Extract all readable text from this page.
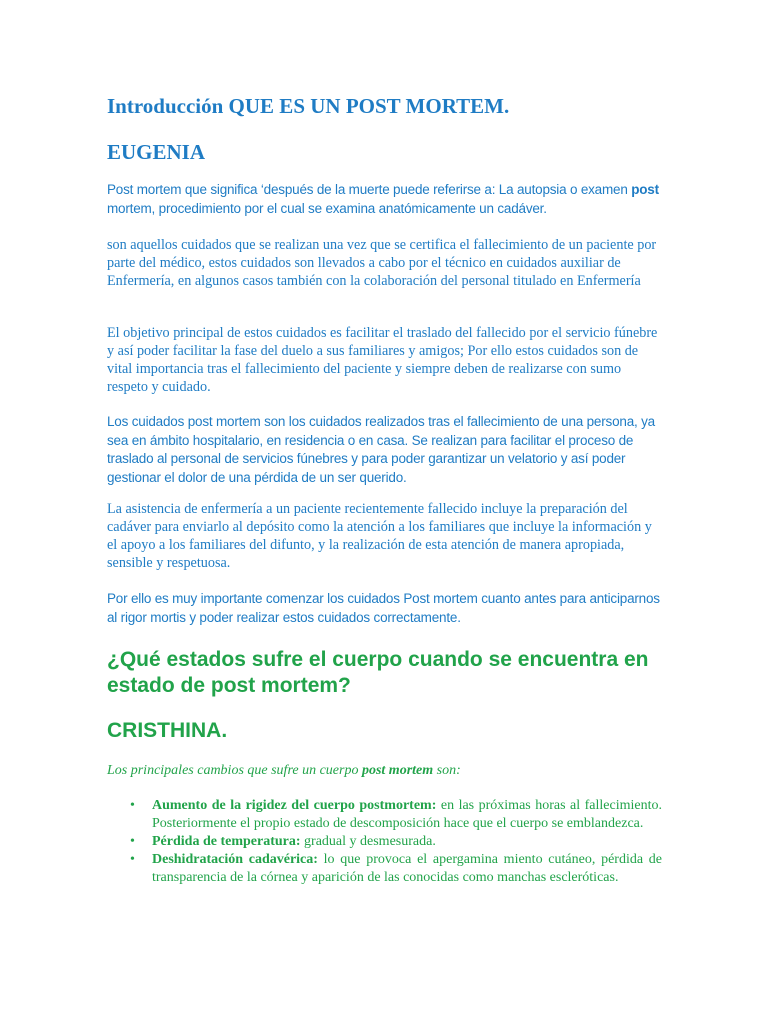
Introducción QUE ES UN POST MORTEM.
EUGENIA

Post mortem que significa ‘después de la muerte puede referirse a: La autopsia o examen post mortem, procedimiento por el cual se examina anatómicamente un cadáver.

son aquellos cuidados que se realizan una vez que se certifica el fallecimiento de un paciente por parte del médico, estos cuidados son llevados a cabo por el técnico en cuidados auxiliar de Enfermería, en algunos casos también con la colaboración del personal titulado en Enfermería

El objetivo principal de estos cuidados es facilitar el traslado del fallecido por el servicio fúnebre y así poder facilitar la fase del duelo a sus familiares y amigos; Por ello estos cuidados son de vital importancia tras el fallecimiento del paciente y siempre deben de realizarse con sumo respeto y cuidado.

Los cuidados post mortem son los cuidados realizados tras el fallecimiento de una persona, ya sea en ámbito hospitalario, en residencia o en casa. Se realizan para facilitar el proceso de traslado al personal de servicios fúnebres y para poder garantizar un velatorio y así poder gestionar el dolor de una pérdida de un ser querido.

La asistencia de enfermería a un paciente recientemente fallecido incluye la preparación del cadáver para enviarlo al depósito como la atención a los familiares que incluye la información y el apoyo a los familiares del difunto, y la realización de esta atención de manera apropiada, sensible y respetuosa.

Por ello es muy importante comenzar los cuidados Post mortem cuanto antes para anticiparnos al rigor mortis y poder realizar estos cuidados correctamente.

¿Qué estados sufre el cuerpo cuando se encuentra en estado de post mortem?
CRISTHINA.

Los principales cambios que sufre un cuerpo post mortem son:

• Aumento de la rigidez del cuerpo postmortem: en las próximas horas al fallecimiento. Posteriormente el propio estado de descomposición hace que el cuerpo se emblandezca.
• Pérdida de temperatura: gradual y desmesurada.
• Deshidratación cadavérica: lo que provoca el apergamina miento cutáneo, pérdida de transparencia de la córnea y aparición de las conocidas como manchas escleróticas.
